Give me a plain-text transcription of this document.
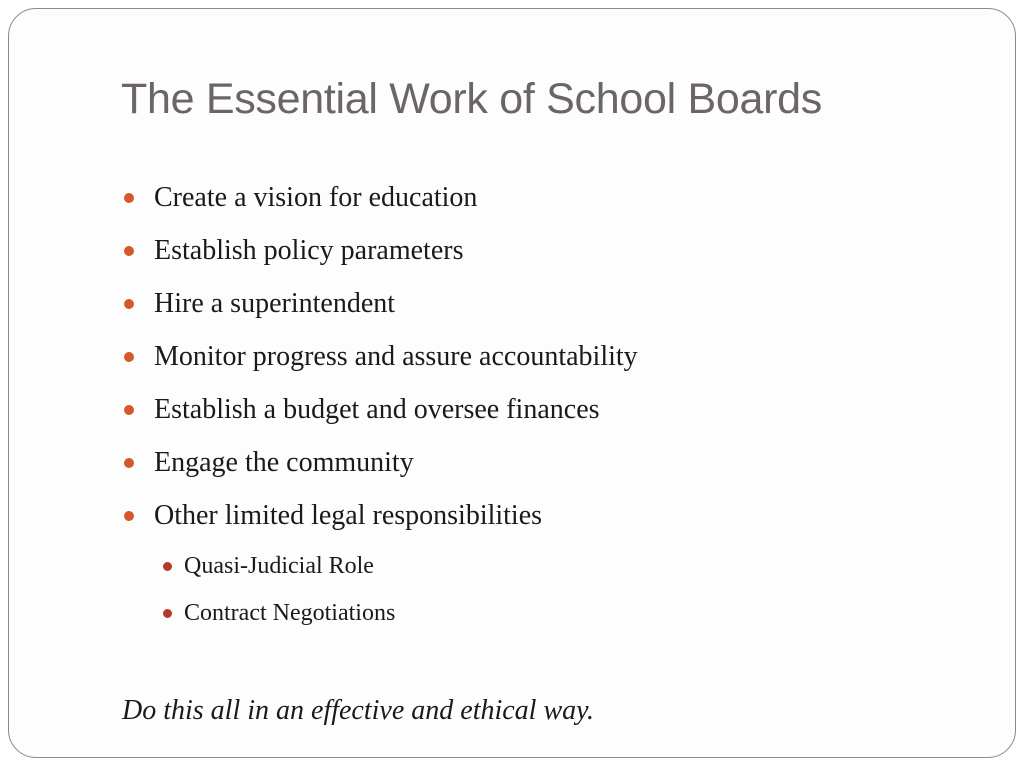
The Essential Work of School Boards
Create a vision for education
Establish policy parameters
Hire a superintendent
Monitor progress and assure accountability
Establish a budget and oversee finances
Engage the community
Other limited legal responsibilities
Quasi-Judicial Role
Contract Negotiations

Do this all in an effective and ethical way.
